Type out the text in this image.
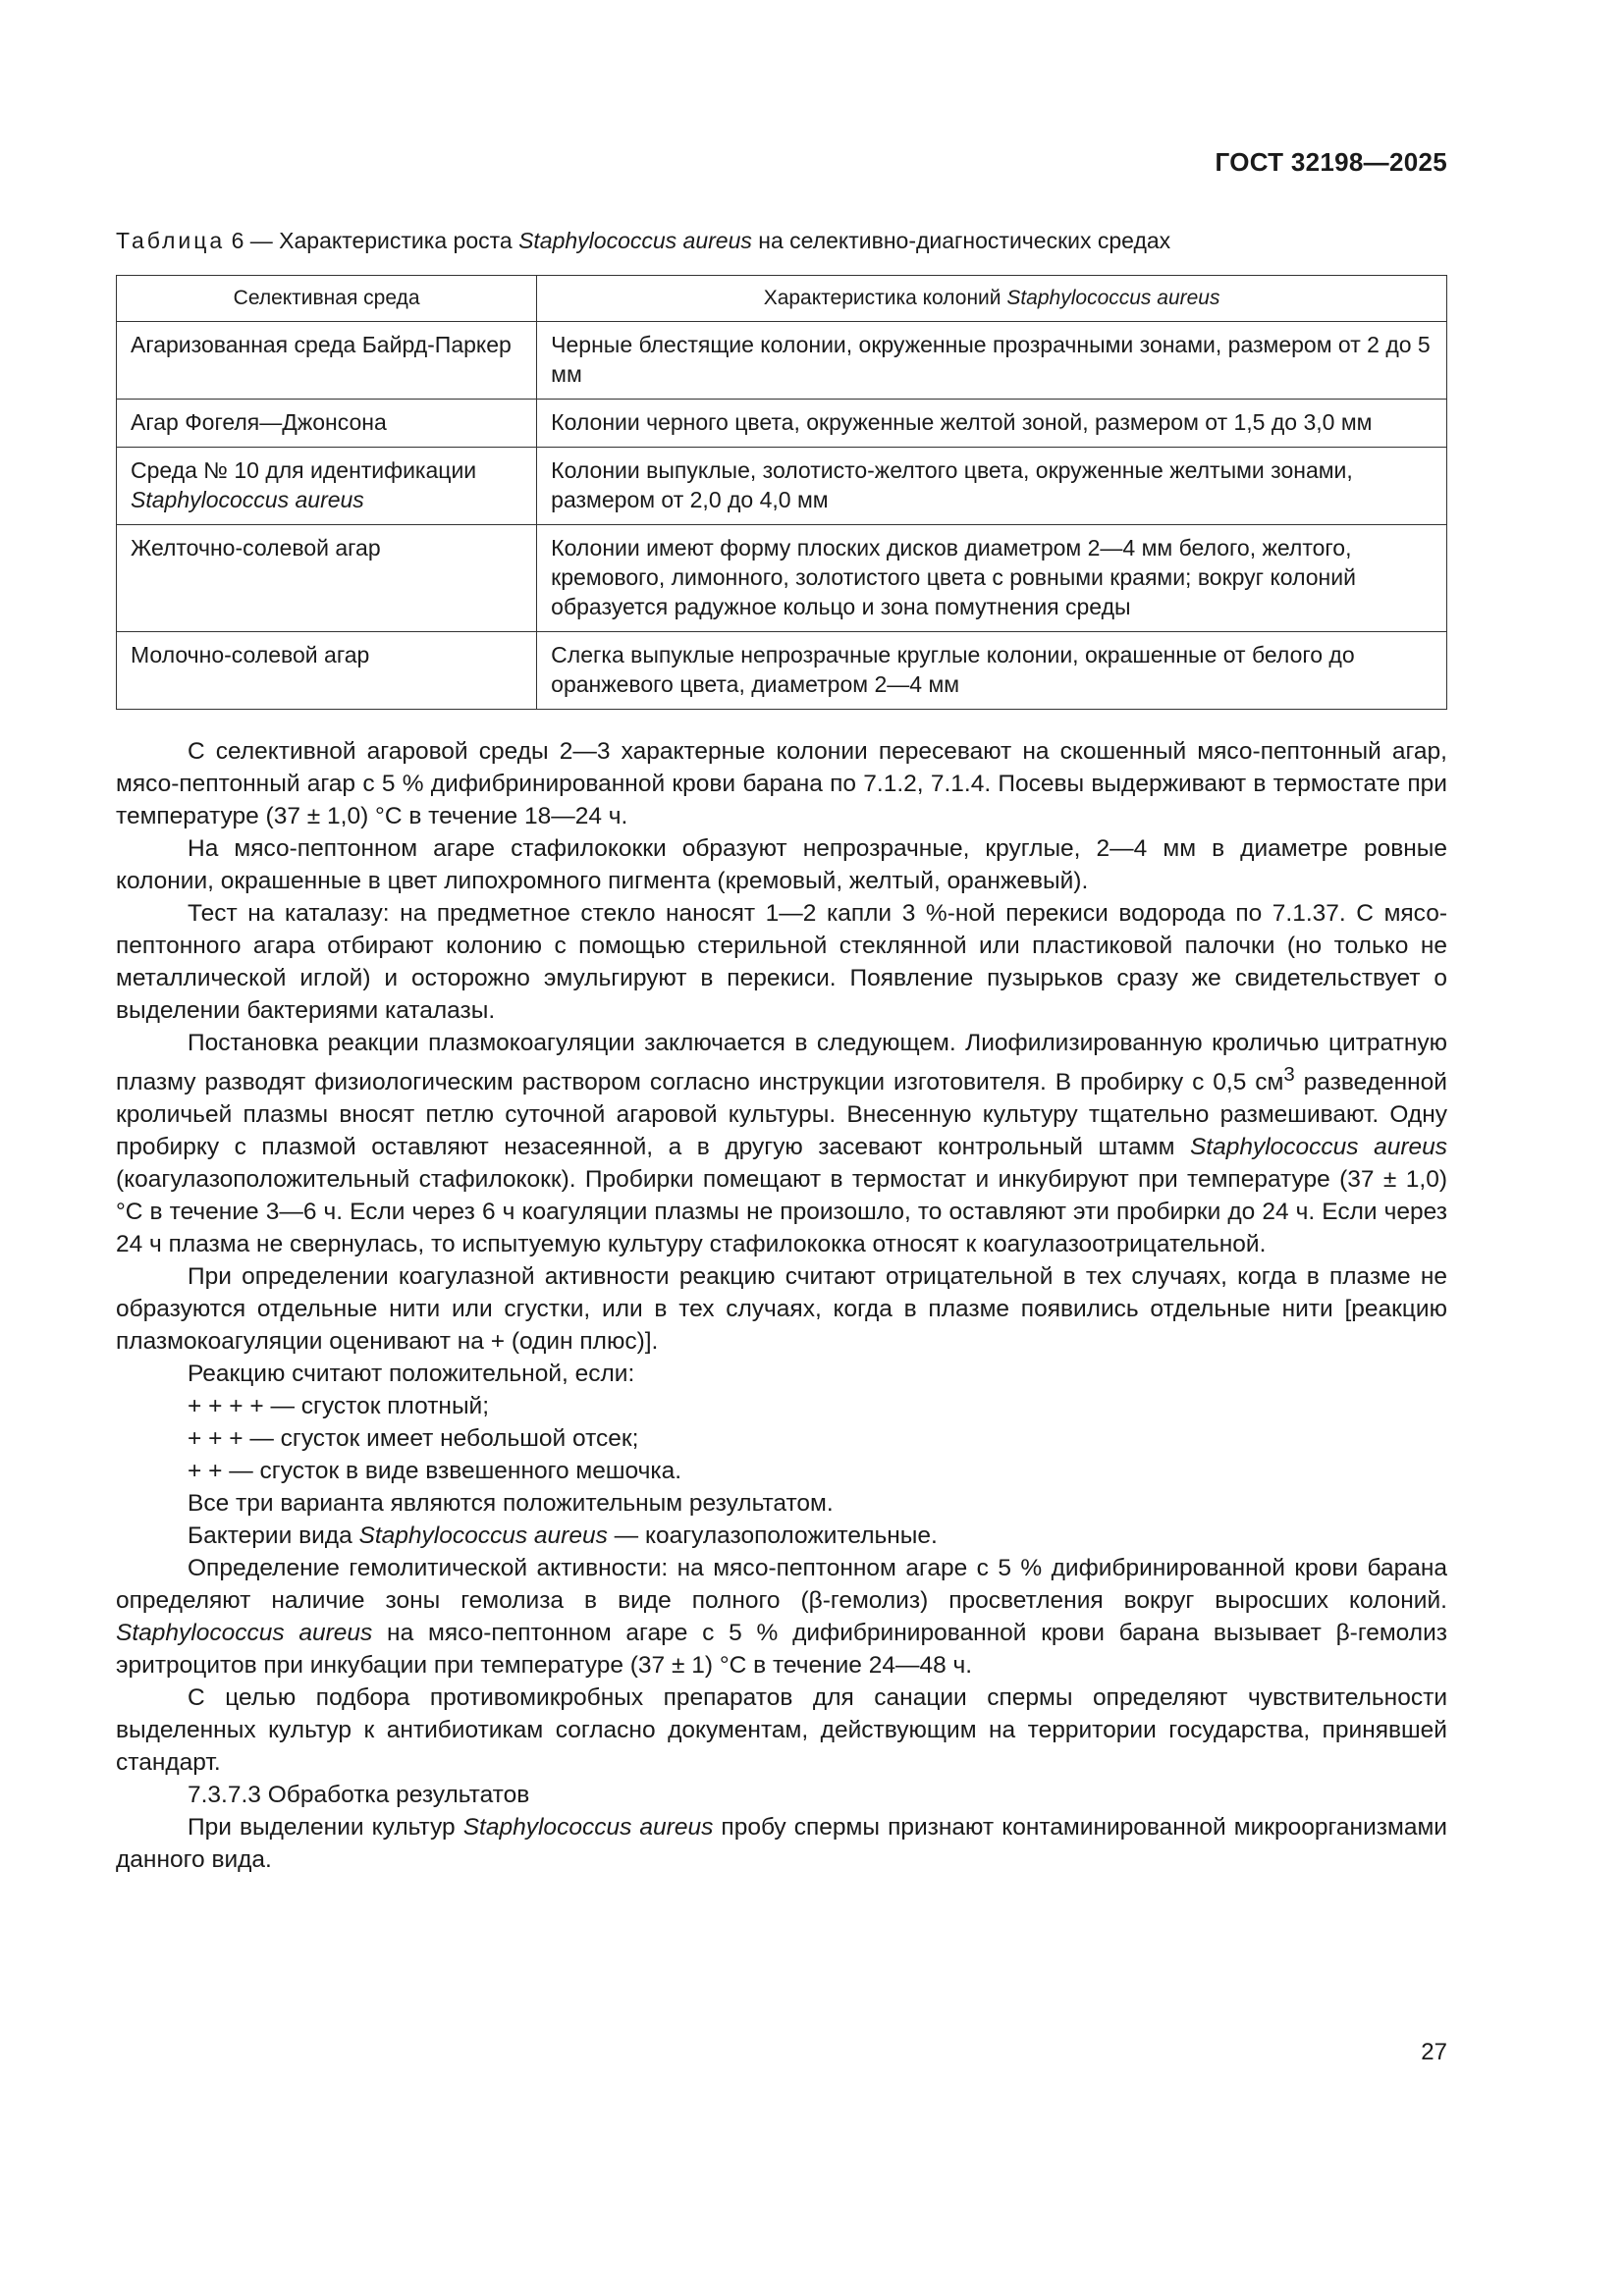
ГОСТ 32198—2025
Таблица 6 — Характеристика роста Staphylococcus aureus на селективно-диагностических средах
Селективная среда	Характеристика колоний Staphylococcus aureus
Агаризованная среда Байрд-Паркер	Черные блестящие колонии, окруженные прозрачными зонами, размером от 2 до 5 мм
Агар Фогеля—Джонсона	Колонии черного цвета, окруженные желтой зоной, размером от 1,5 до 3,0 мм
Среда № 10 для идентификации
Staphylococcus aureus	Колонии выпуклые, золотисто-желтого цвета, окруженные желтыми зонами, размером от 2,0 до 4,0 мм
Желточно-солевой агар	Колонии имеют форму плоских дисков диаметром 2—4 мм белого, желтого, кремового, лимонного, золотистого цвета с ровными краями; вокруг колоний образуется радужное кольцо и зона помутнения среды
Молочно-солевой агар	Слегка выпуклые непрозрачные круглые колонии, окрашенные от белого до оранжевого цвета, диаметром 2—4 мм

С селективной агаровой среды 2—3 характерные колонии пересевают на скошенный мясо-пептонный агар, мясо-пептонный агар с 5 % дифибринированной крови барана по 7.1.2, 7.1.4. Посевы выдерживают в термостате при температуре (37 ± 1,0) °С в течение 18—24 ч.

На мясо-пептонном агаре стафилококки образуют непрозрачные, круглые, 2—4 мм в диаметре ровные колонии, окрашенные в цвет липохромного пигмента (кремовый, желтый, оранжевый).

Тест на каталазу: на предметное стекло наносят 1—2 капли 3 %-ной перекиси водорода по 7.1.37. С мясо-пептонного агара отбирают колонию с помощью стерильной стеклянной или пластиковой палочки (но только не металлической иглой) и осторожно эмульгируют в перекиси. Появление пузырьков сразу же свидетельствует о выделении бактериями каталазы.

Постановка реакции плазмокоагуляции заключается в следующем. Лиофилизированную кроличью цитратную плазму разводят физиологическим раствором согласно инструкции изготовителя. В пробирку с 0,5 $см^3$ разведенной кроличьей плазмы вносят петлю суточной агаровой культуры. Внесенную культуру тщательно размешивают. Одну пробирку с плазмой оставляют незасеянной, а в другую засевают контрольный штамм Staphylococcus aureus (коагулазоположительный стафилококк). Пробирки помещают в термостат и инкубируют при температуре (37 ± 1,0) °С в течение 3—6 ч. Если через 6 ч коагуляции плазмы не произошло, то оставляют эти пробирки до 24 ч. Если через 24 ч плазма не свернулась, то испытуемую культуру стафилококка относят к коагулазоотрицательной.

При определении коагулазной активности реакцию считают отрицательной в тех случаях, когда в плазме не образуются отдельные нити или сгустки, или в тех случаях, когда в плазме появились отдельные нити [реакцию плазмокоагуляции оценивают на + (один плюс)].

Реакцию считают положительной, если:

+ + + + — сгусток плотный;

+ + + — сгусток имеет небольшой отсек;

+ + — сгусток в виде взвешенного мешочка.

Все три варианта являются положительным результатом.

Бактерии вида Staphylococcus aureus — коагулазоположительные.

Определение гемолитической активности: на мясо-пептонном агаре с 5 % дифибринированной крови барана определяют наличие зоны гемолиза в виде полного (β-гемолиз) просветления вокруг выросших колоний. Staphylococcus aureus на мясо-пептонном агаре с 5 % дифибринированной крови барана вызывает β-гемолиз эритроцитов при инкубации при температуре (37 ± 1) °С в течение 24—48 ч.

С целью подбора противомикробных препаратов для санации спермы определяют чувствительности выделенных культур к антибиотикам согласно документам, действующим на территории государства, принявшей стандарт.

7.3.7.3 Обработка результатов

При выделении культур Staphylococcus aureus пробу спермы признают контаминированной микроорганизмами данного вида.

27
